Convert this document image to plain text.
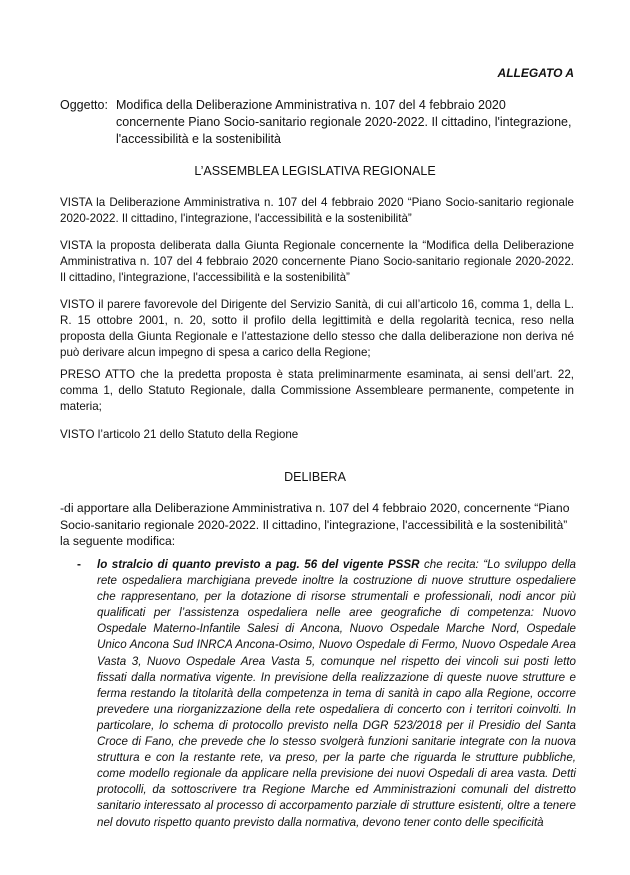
ALLEGATO A
Oggetto: Modifica della Deliberazione Amministrativa n. 107 del 4 febbraio 2020 concernente Piano Socio-sanitario regionale 2020-2022. Il cittadino, l'integrazione, l'accessibilità e la sostenibilità
L’ASSEMBLEA LEGISLATIVA REGIONALE

VISTA la Deliberazione Amministrativa n. 107 del 4 febbraio 2020 “Piano Socio-sanitario regionale 2020-2022. Il cittadino, l'integrazione, l'accessibilità e la sostenibilità”

VISTA la proposta deliberata dalla Giunta Regionale concernente la “Modifica della Deliberazione Amministrativa n. 107 del 4 febbraio 2020 concernente Piano Socio-sanitario regionale 2020-2022. Il cittadino, l'integrazione, l'accessibilità e la sostenibilità”

VISTO il parere favorevole del Dirigente del Servizio Sanità, di cui all’articolo 16, comma 1, della L. R. 15 ottobre 2001, n. 20, sotto il profilo della legittimità e della regolarità tecnica, reso nella proposta della Giunta Regionale e l’attestazione dello stesso che dalla deliberazione non deriva né può derivare alcun impegno di spesa a carico della Regione;

PRESO ATTO che la predetta proposta è stata preliminarmente esaminata, ai sensi dell’art. 22, comma 1, dello Statuto Regionale, dalla Commissione Assembleare permanente, competente in materia;

VISTO l’articolo 21 dello Statuto della Regione

DELIBERA

-di apportare alla Deliberazione Amministrativa n. 107 del 4 febbraio 2020, concernente “Piano Socio-sanitario regionale 2020-2022. Il cittadino, l'integrazione, l'accessibilità e la sostenibilità” la seguente modifica:

- lo stralcio di quanto previsto a pag. 56 del vigente PSSR che recita: “Lo sviluppo della rete ospedaliera marchigiana prevede inoltre la costruzione di nuove strutture ospedaliere che rappresentano, per la dotazione di risorse strumentali e professionali, nodi ancor più qualificati per l’assistenza ospedaliera nelle aree geografiche di competenza: Nuovo Ospedale Materno-Infantile Salesi di Ancona, Nuovo Ospedale Marche Nord, Ospedale Unico Ancona Sud INRCA Ancona-Osimo, Nuovo Ospedale di Fermo, Nuovo Ospedale Area Vasta 3, Nuovo Ospedale Area Vasta 5, comunque nel rispetto dei vincoli sui posti letto fissati dalla normativa vigente. In previsione della realizzazione di queste nuove strutture e ferma restando la titolarità della competenza in tema di sanità in capo alla Regione, occorre prevedere una riorganizzazione della rete ospedaliera di concerto con i territori coinvolti. In particolare, lo schema di protocollo previsto nella DGR 523/2018 per il Presidio del Santa Croce di Fano, che prevede che lo stesso svolgerà funzioni sanitarie integrate con la nuova struttura e con la restante rete, va preso, per la parte che riguarda le strutture pubbliche, come modello regionale da applicare nella previsione dei nuovi Ospedali di area vasta. Detti protocolli, da sottoscrivere tra Regione Marche ed Amministrazioni comunali del distretto sanitario interessato al processo di accorpamento parziale di strutture esistenti, oltre a tenere nel dovuto rispetto quanto previsto dalla normativa, devono tener conto delle specificità
